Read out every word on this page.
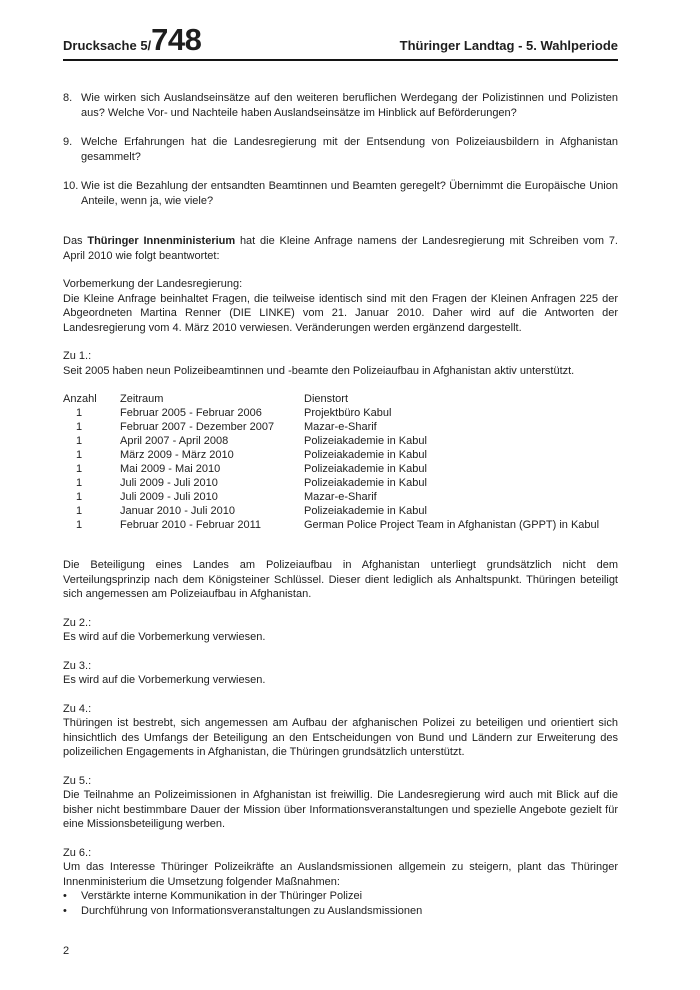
Drucksache 5/748	Thüringer Landtag - 5. Wahlperiode
8. Wie wirken sich Auslandseinsätze auf den weiteren beruflichen Werdegang der Polizistinnen und Polizisten aus? Welche Vor- und Nachteile haben Auslandseinsätze im Hinblick auf Beförderungen?
9. Welche Erfahrungen hat die Landesregierung mit der Entsendung von Polizeiausbildern in Afghanistan gesammelt?
10. Wie ist die Bezahlung der entsandten Beamtinnen und Beamten geregelt? Übernimmt die Europäische Union Anteile, wenn ja, wie viele?

Das Thüringer Innenministerium hat die Kleine Anfrage namens der Landesregierung mit Schreiben vom 7. April 2010 wie folgt beantwortet:

Vorbemerkung der Landesregierung:

Die Kleine Anfrage beinhaltet Fragen, die teilweise identisch sind mit den Fragen der Kleinen Anfragen 225 der Abgeordneten Martina Renner (DIE LINKE) vom 21. Januar 2010. Daher wird auf die Antworten der Landesregierung vom 4. März 2010 verwiesen. Veränderungen werden ergänzend dargestellt.

Zu 1.:

Seit 2005 haben neun Polizeibeamtinnen und -beamte den Polizeiaufbau in Afghanistan aktiv unterstützt.

Anzahl	Zeitraum	Dienstort
1	Februar 2005 - Februar 2006	Projektbüro Kabul
1	Februar 2007 - Dezember 2007	Mazar-e-Sharif
1	April 2007 - April 2008	Polizeiakademie in Kabul
1	März 2009 - März 2010	Polizeiakademie in Kabul
1	Mai 2009 - Mai 2010	Polizeiakademie in Kabul
1	Juli 2009 - Juli 2010	Polizeiakademie in Kabul
1	Juli 2009 - Juli 2010	Mazar-e-Sharif
1	Januar 2010 - Juli 2010	Polizeiakademie in Kabul
1	Februar 2010 - Februar 2011	German Police Project Team in Afghanistan (GPPT) in Kabul

Die Beteiligung eines Landes am Polizeiaufbau in Afghanistan unterliegt grundsätzlich nicht dem Verteilungsprinzip nach dem Königsteiner Schlüssel. Dieser dient lediglich als Anhaltspunkt. Thüringen beteiligt sich angemessen am Polizeiaufbau in Afghanistan.

Zu 2.:

Es wird auf die Vorbemerkung verwiesen.

Zu 3.:

Es wird auf die Vorbemerkung verwiesen.

Zu 4.:

Thüringen ist bestrebt, sich angemessen am Aufbau der afghanischen Polizei zu beteiligen und orientiert sich hinsichtlich des Umfangs der Beteiligung an den Entscheidungen von Bund und Ländern zur Erweiterung des polizeilichen Engagements in Afghanistan, die Thüringen grundsätzlich unterstützt.

Zu 5.:

Die Teilnahme an Polizeimissionen in Afghanistan ist freiwillig. Die Landesregierung wird auch mit Blick auf die bisher nicht bestimmbare Dauer der Mission über Informationsveranstaltungen und spezielle Angebote gezielt für eine Missionsbeteiligung werben.

Zu 6.:

Um das Interesse Thüringer Polizeikräfte an Auslandsmissionen allgemein zu steigern, plant das Thüringer Innenministerium die Umsetzung folgender Maßnahmen:

•	Verstärkte interne Kommunikation in der Thüringer Polizei
•	Durchführung von Informationsveranstaltungen zu Auslandsmissionen
2
